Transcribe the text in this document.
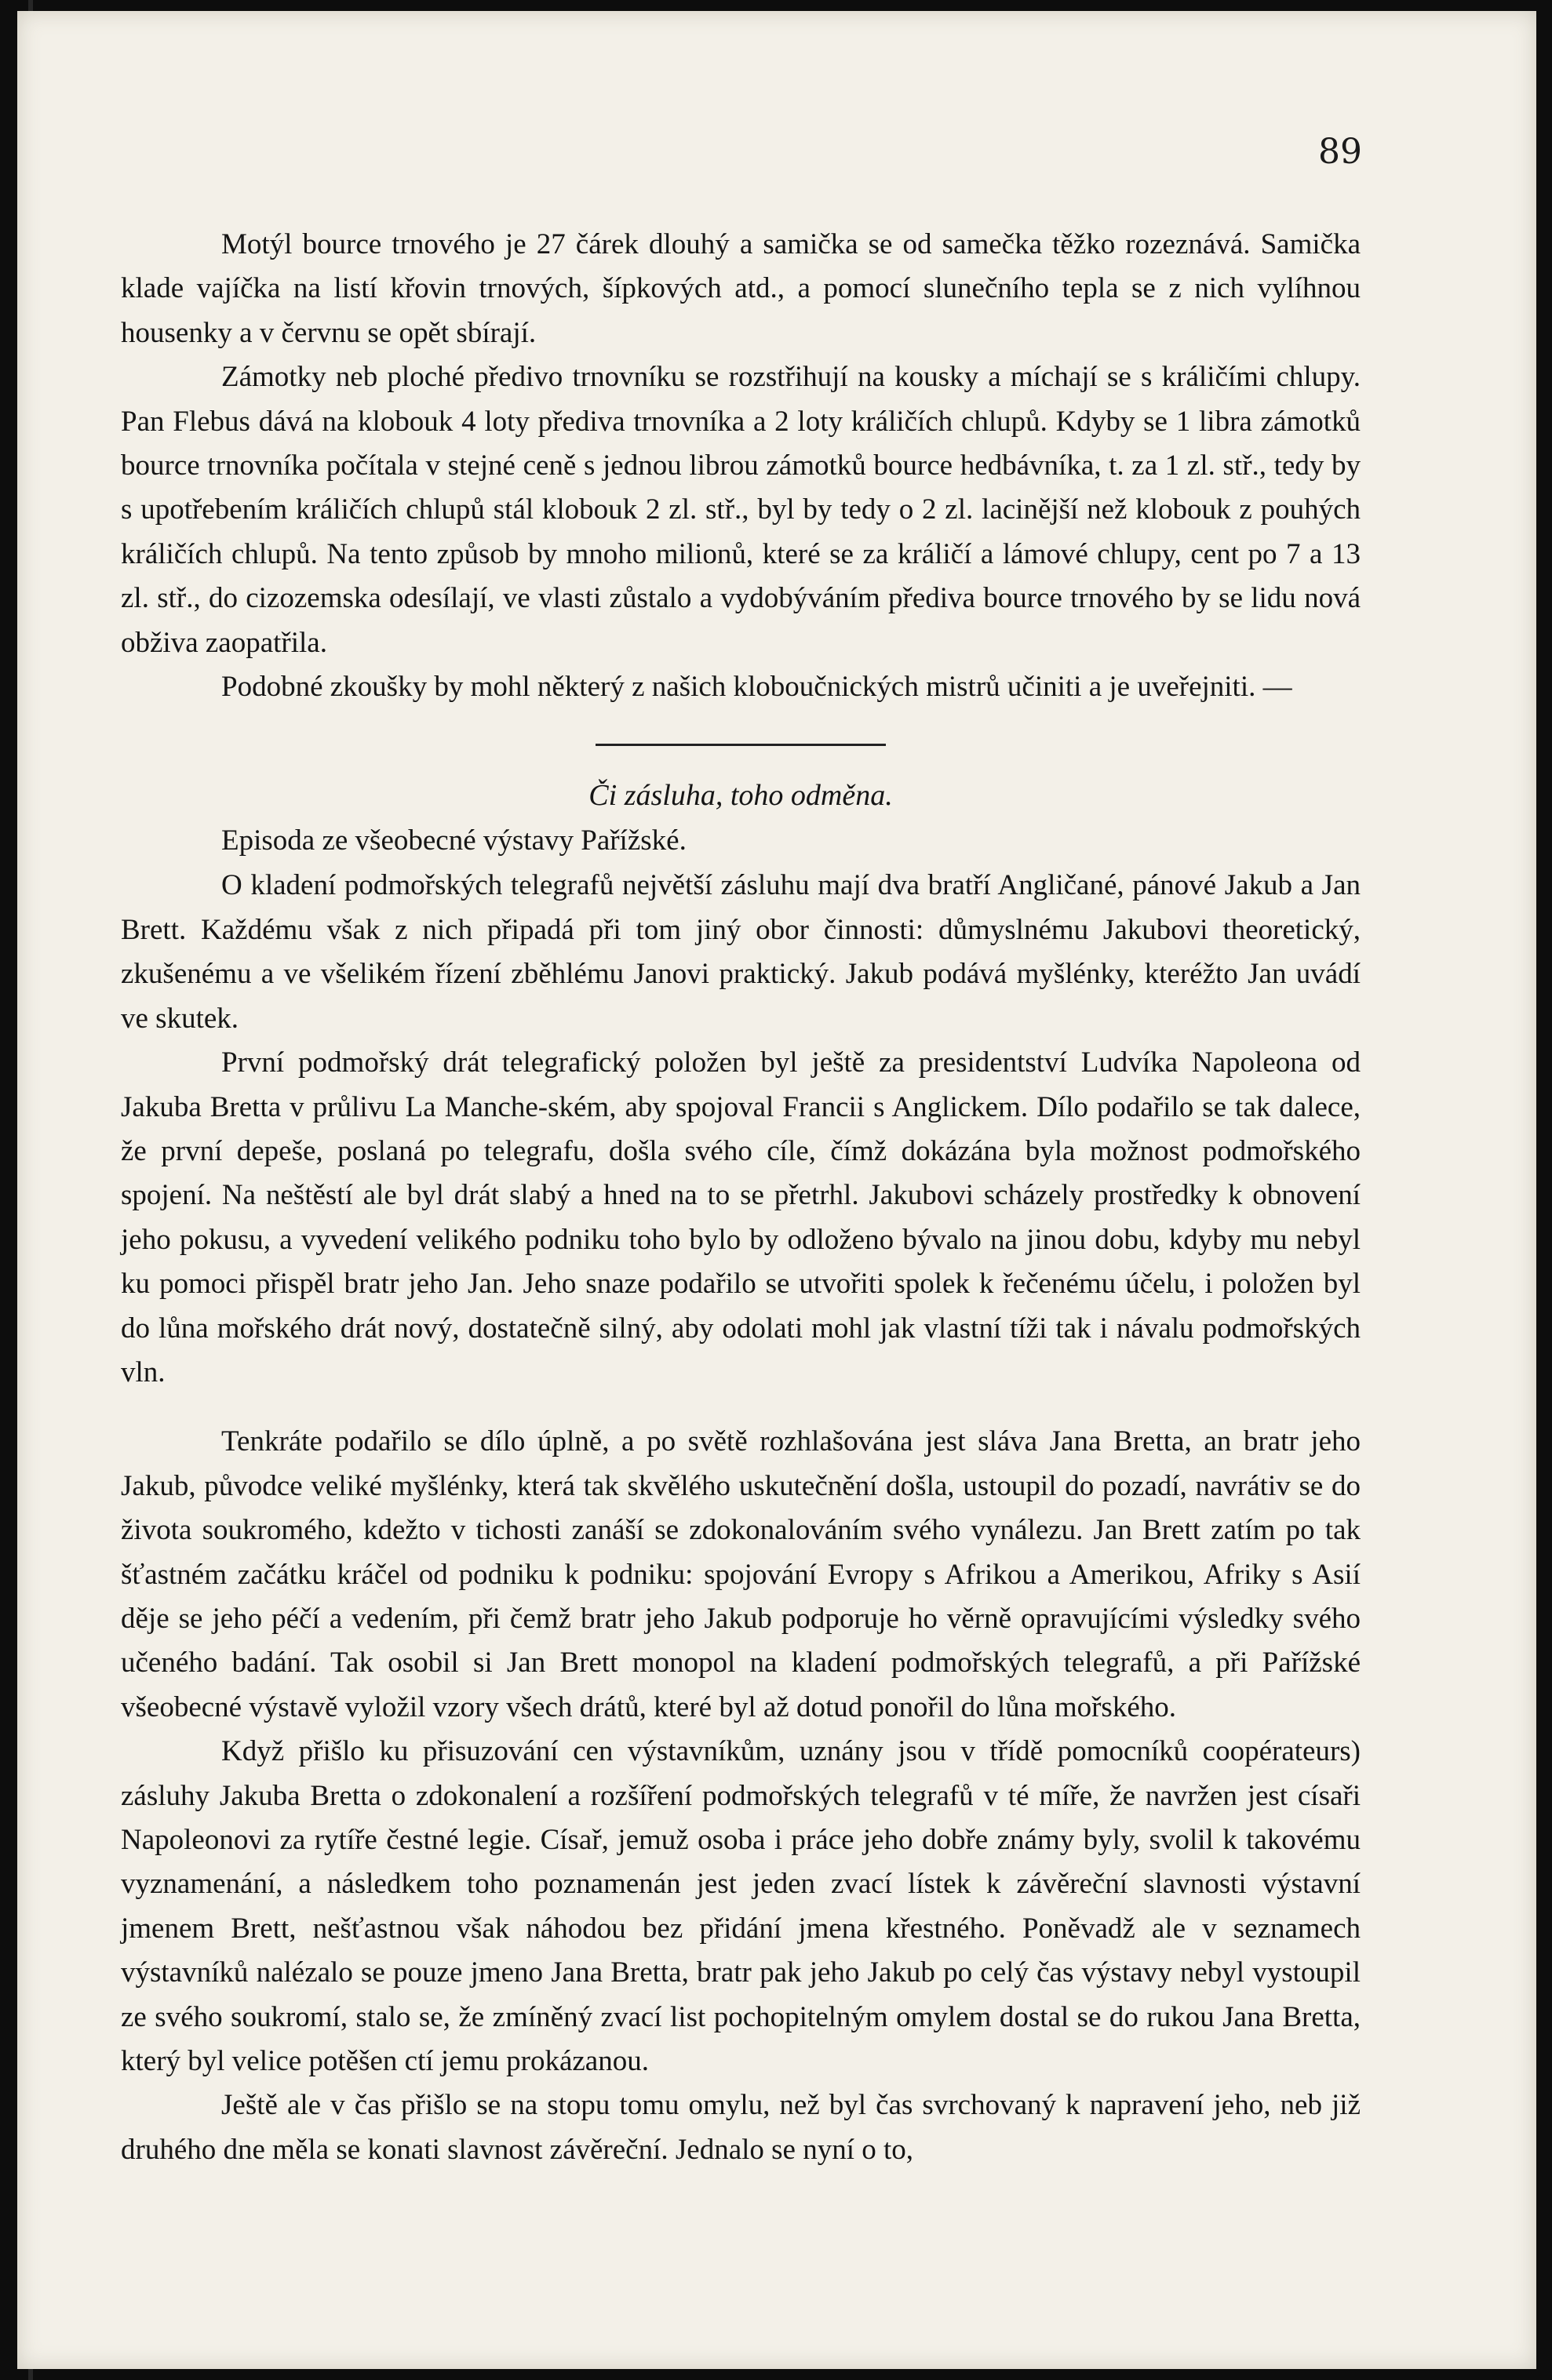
89

Motýl bource trnového je 27 čárek dlouhý a samička se od samečka těžko rozeznává. Samička klade vajíčka na listí křovin trnových, šípkových atd., a pomocí slunečního tepla se z nich vylíhnou housenky a v červnu se opět sbírají.

Zámotky neb ploché předivo trnovníku se rozstřihují na kousky a míchají se s králičími chlupy. Pan Flebus dává na klobouk 4 loty přediva trnovníka a 2 loty králičích chlupů. Kdyby se 1 libra zámotků bource trnovníka počítala v stejné ceně s jednou librou zámotků bource hedbávníka, t. za 1 zl. stř., tedy by s upotřebením králičích chlupů stál klobouk 2 zl. stř., byl by tedy o 2 zl. lacinější než klobouk z pouhých králičích chlupů. Na tento způsob by mnoho milionů, které se za králičí a lámové chlupy, cent po 7 a 13 zl. stř., do cizozemska odesílají, ve vlasti zůstalo a vydobýváním přediva bource trnového by se lidu nová obživa zaopatřila.

Podobné zkoušky by mohl některý z našich kloboučnických mistrů učiniti a je uveřejniti. —

Či zásluha, toho odměna.

Episoda ze všeobecné výstavy Pařížské.

O kladení podmořských telegrafů největší zásluhu mají dva bratří Angličané, pánové Jakub a Jan Brett. Každému však z nich připadá při tom jiný obor činnosti: důmyslnému Jakubovi theoretický, zkušenému a ve všelikém řízení zběhlému Janovi praktický. Jakub podává myšlénky, kteréžto Jan uvádí ve skutek.

První podmořský drát telegrafický položen byl ještě za presidentství Ludvíka Napoleona od Jakuba Bretta v průlivu La Manche-ském, aby spojoval Francii s Anglickem. Dílo podařilo se tak dalece, že první depeše, poslaná po telegrafu, došla svého cíle, čímž dokázána byla možnost podmořského spojení. Na neštěstí ale byl drát slabý a hned na to se přetrhl. Jakubovi scházely prostředky k obnovení jeho pokusu, a vyvedení velikého podniku toho bylo by odloženo bývalo na jinou dobu, kdyby mu nebyl ku pomoci přispěl bratr jeho Jan. Jeho snaze podařilo se utvořiti spolek k řečenému účelu, i položen byl do lůna mořského drát nový, dostatečně silný, aby odolati mohl jak vlastní tíži tak i návalu podmořských vln.

Tenkráte podařilo se dílo úplně, a po světě rozhlašována jest sláva Jana Bretta, an bratr jeho Jakub, původce veliké myšlénky, která tak skvělého uskutečnění došla, ustoupil do pozadí, navrátiv se do života soukromého, kdežto v tichosti zanáší se zdokonalováním svého vynálezu. Jan Brett zatím po tak šťastném začátku kráčel od podniku k podniku: spojování Evropy s Afrikou a Amerikou, Afriky s Asií děje se jeho péčí a vedením, při čemž bratr jeho Jakub podporuje ho věrně opravujícími výsledky svého učeného badání. Tak osobil si Jan Brett monopol na kladení podmořských telegrafů, a při Pařížské všeobecné výstavě vyložil vzory všech drátů, které byl až dotud ponořil do lůna mořského.

Když přišlo ku přisuzování cen výstavníkům, uznány jsou v třídě pomocníků coopérateurs) zásluhy Jakuba Bretta o zdokonalení a rozšíření podmořských telegrafů v té míře, že navržen jest císaři Napoleonovi za rytíře čestné legie. Císař, jemuž osoba i práce jeho dobře známy byly, svolil k takovému vyznamenání, a následkem toho poznamenán jest jeden zvací lístek k závěreční slavnosti výstavní jmenem Brett, nešťastnou však náhodou bez přidání jmena křestného. Poněvadž ale v seznamech výstavníků nalézalo se pouze jmeno Jana Bretta, bratr pak jeho Jakub po celý čas výstavy nebyl vystoupil ze svého soukromí, stalo se, že zmíněný zvací list pochopitelným omylem dostal se do rukou Jana Bretta, který byl velice potěšen ctí jemu prokázanou.

Ještě ale v čas přišlo se na stopu tomu omylu, než byl čas svrchovaný k napravení jeho, neb již druhého dne měla se konati slavnost závěreční. Jednalo se nyní o to,
